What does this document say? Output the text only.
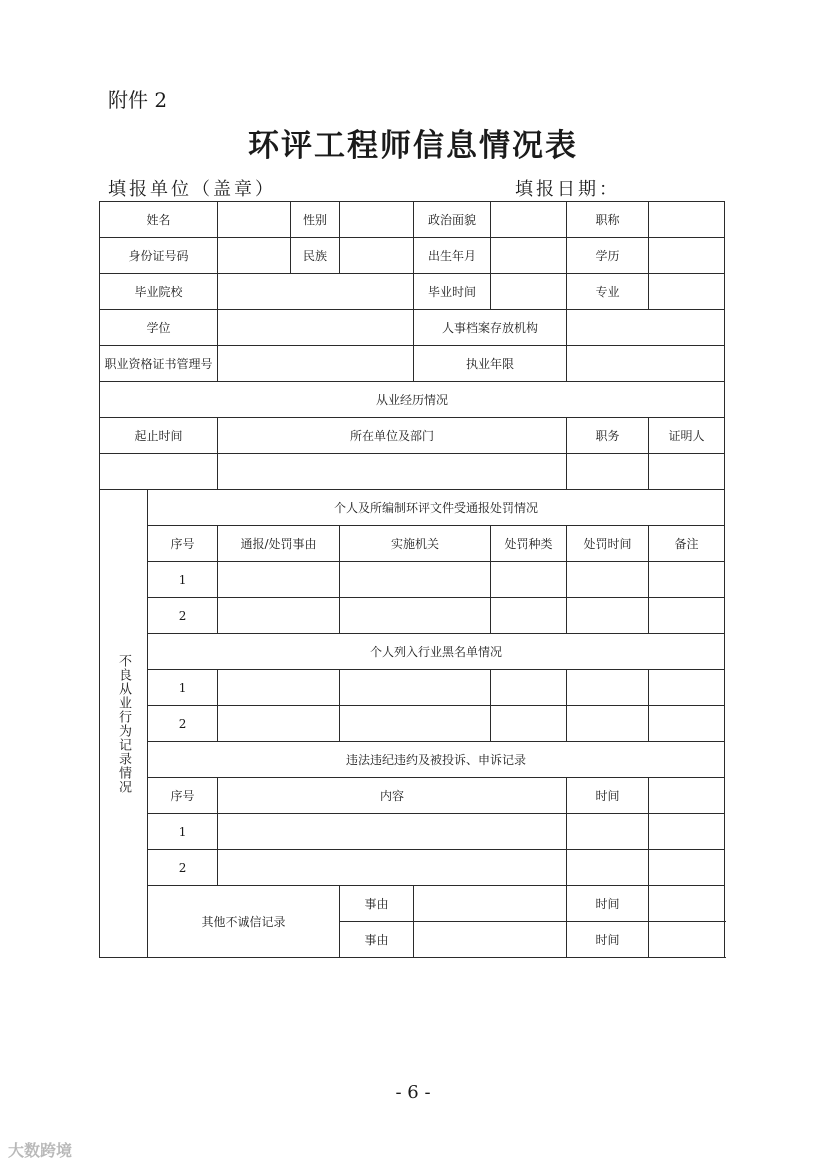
附件 2
环评工程师信息情况表
填报单位（盖章）	填报日期：
姓名			性别		政治面貌		职称	
身份证号码			民族		出生年月		学历	
毕业院校					毕业时间		专业	
学位					人事档案存放机构			
职业资格证书管理号					执业年限			
从业经历情况								
起止时间		所在单位及部门					职务	证明人

不良从业行为记录情况	个人及所编制环评文件受通报处罚情况							
	序号	通报/处罚事由		实施机关		处罚种类	处罚时间	备注
	1							
	2							
	个人列入行业黑名单情况							
	1							
	2							
	违法违纪违约及被投诉、申诉记录							
	序号	内容					时间	
	1							
	2							
	其他不诚信记录			事由			时间	
				事由			时间	
- 6 -
大数跨境
